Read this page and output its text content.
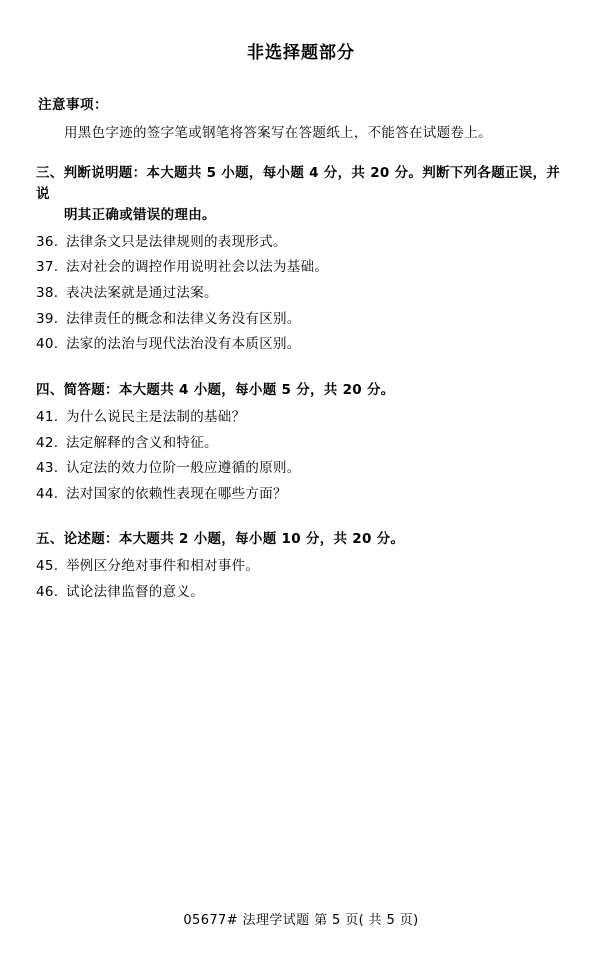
非选择题部分
注意事项：
用黑色字迹的签字笔或钢笔将答案写在答题纸上，不能答在试题卷上。
三、判断说明题：本大题共 5 小题，每小题 4 分，共 20 分。判断下列各题正误，并说
明其正确或错误的理由。
36. 法律条文只是法律规则的表现形式。
37. 法对社会的调控作用说明社会以法为基础。
38. 表决法案就是通过法案。
39. 法律责任的概念和法律义务没有区别。
40. 法家的法治与现代法治没有本质区别。
四、简答题：本大题共 4 小题，每小题 5 分，共 20 分。
41. 为什么说民主是法制的基础？
42. 法定解释的含义和特征。
43. 认定法的效力位阶一般应遵循的原则。
44. 法对国家的依赖性表现在哪些方面？
五、论述题：本大题共 2 小题，每小题 10 分，共 20 分。
45. 举例区分绝对事件和相对事件。
46. 试论法律监督的意义。
05677# 法理学试题 第 5 页( 共 5 页)
